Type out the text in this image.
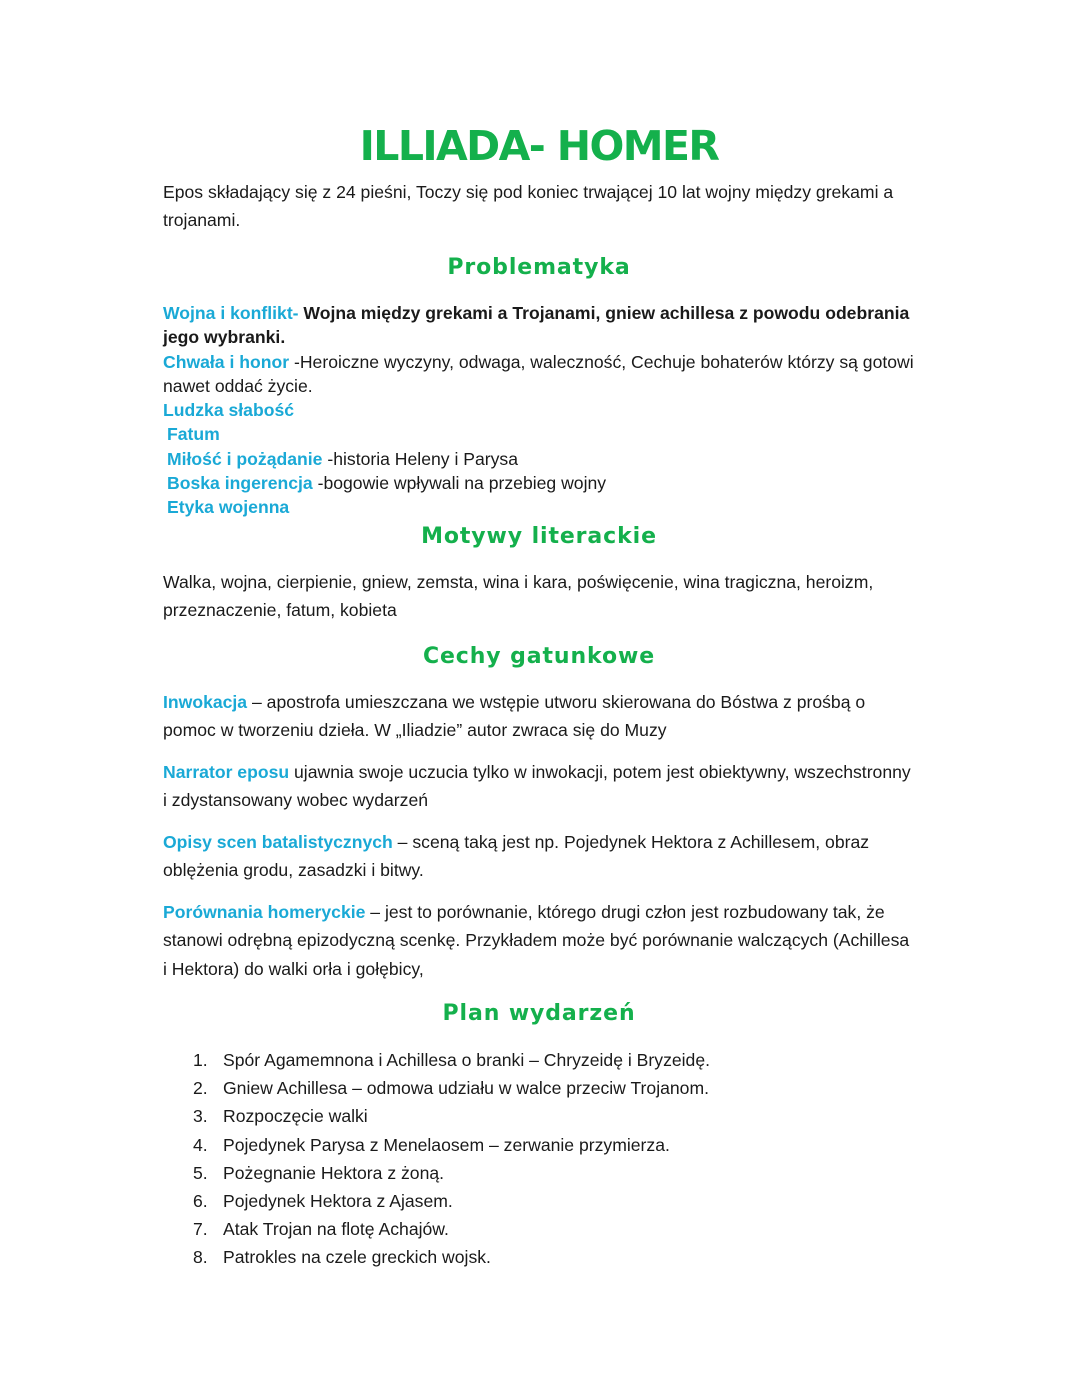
ILLIADA- HOMER

Epos składający się z 24 pieśni, Toczy się pod koniec trwającej 10 lat wojny między grekami a trojanami.

Problematyka

Wojna i konflikt- Wojna między grekami a Trojanami, gniew achillesa z powodu odebrania jego wybranki.

Chwała i honor -Heroiczne wyczyny, odwaga, waleczność, Cechuje bohaterów którzy są gotowi nawet oddać życie.

Ludzka słabość

Fatum

Miłość i pożądanie -historia Heleny i Parysa

Boska ingerencja -bogowie wpływali na przebieg wojny

Etyka wojenna

Motywy literackie

Walka, wojna, cierpienie, gniew, zemsta, wina i kara, poświęcenie, wina tragiczna, heroizm, przeznaczenie, fatum, kobieta

Cechy gatunkowe

Inwokacja – apostrofa umieszczana we wstępie utworu skierowana do Bóstwa z prośbą o pomoc w tworzeniu dzieła. W „Iliadzie” autor zwraca się do Muzy

Narrator eposu ujawnia swoje uczucia tylko w inwokacji, potem jest obiektywny, wszechstronny i zdystansowany wobec wydarzeń

Opisy scen batalistycznych – sceną taką jest np. Pojedynek Hektora z Achillesem, obraz oblężenia grodu, zasadzki i bitwy.

Porównania homeryckie – jest to porównanie, którego drugi człon jest rozbudowany tak, że stanowi odrębną epizodyczną scenkę. Przykładem może być porównanie walczących (Achillesa i Hektora) do walki orła i gołębicy,

Plan wydarzeń
1. Spór Agamemnona i Achillesa o branki – Chryzeidę i Bryzeidę.
2. Gniew Achillesa – odmowa udziału w walce przeciw Trojanom.
3. Rozpoczęcie walki
4. Pojedynek Parysa z Menelaosem – zerwanie przymierza.
5. Pożegnanie Hektora z żoną.
6. Pojedynek Hektora z Ajasem.
7. Atak Trojan na flotę Achajów.
8. Patrokles na czele greckich wojsk.
